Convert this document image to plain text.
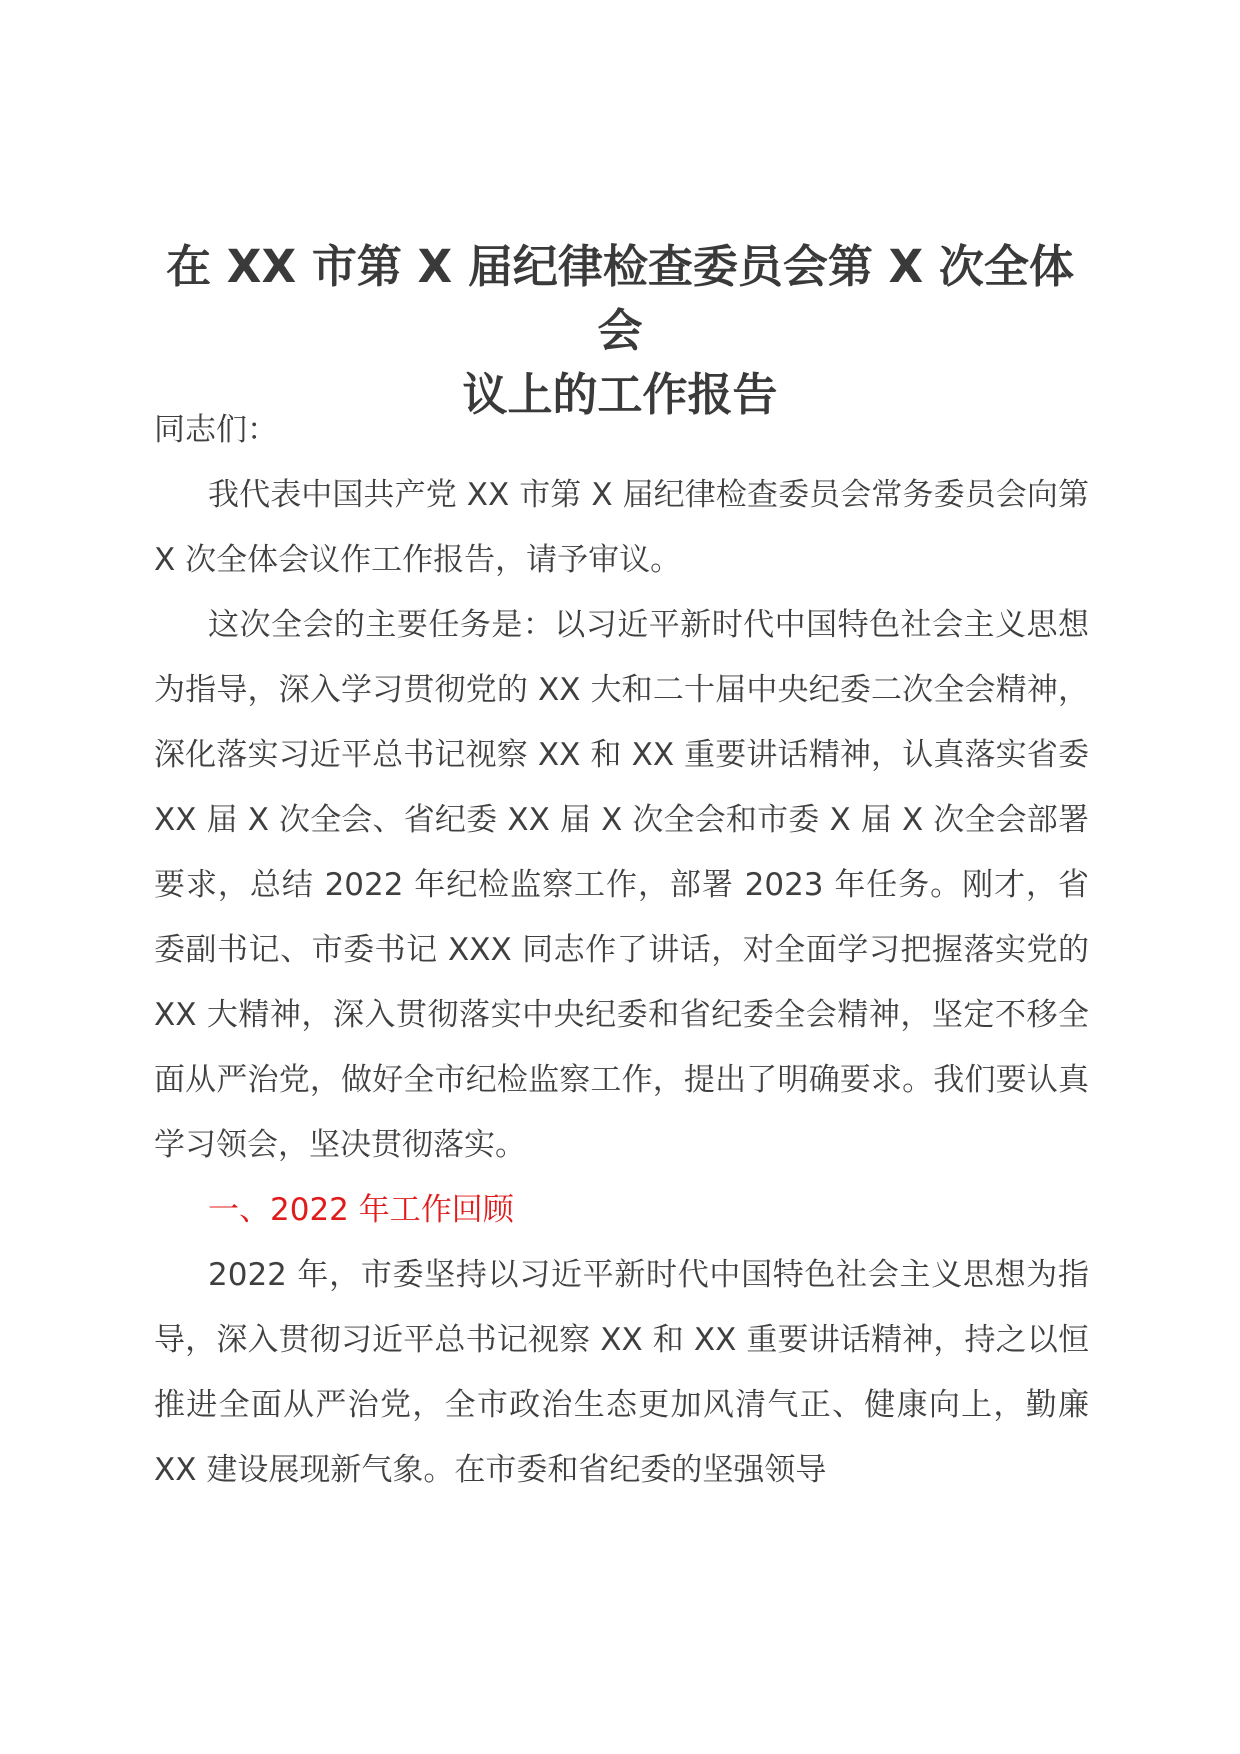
在 XX 市第 X 届纪律检查委员会第 X 次全体会
议上的工作报告

同志们：

我代表中国共产党 XX 市第 X 届纪律检查委员会常务委员会向第 X 次全体会议作工作报告，请予审议。

这次全会的主要任务是：以习近平新时代中国特色社会主义思想为指导，深入学习贯彻党的 XX 大和二十届中央纪委二次全会精神，深化落实习近平总书记视察 XX 和 XX 重要讲话精神，认真落实省委 XX 届 X 次全会、省纪委 XX 届 X 次全会和市委 X 届 X 次全会部署要求，总结 2022 年纪检监察工作，部署 2023 年任务。刚才，省委副书记、市委书记 XXX 同志作了讲话，对全面学习把握落实党的 XX 大精神，深入贯彻落实中央纪委和省纪委全会精神，坚定不移全面从严治党，做好全市纪检监察工作，提出了明确要求。我们要认真学习领会，坚决贯彻落实。

一、2022 年工作回顾

2022 年，市委坚持以习近平新时代中国特色社会主义思想为指导，深入贯彻习近平总书记视察 XX 和 XX 重要讲话精神，持之以恒推进全面从严治党，全市政治生态更加风清气正、健康向上，勤廉 XX 建设展现新气象。在市委和省纪委的坚强领导
